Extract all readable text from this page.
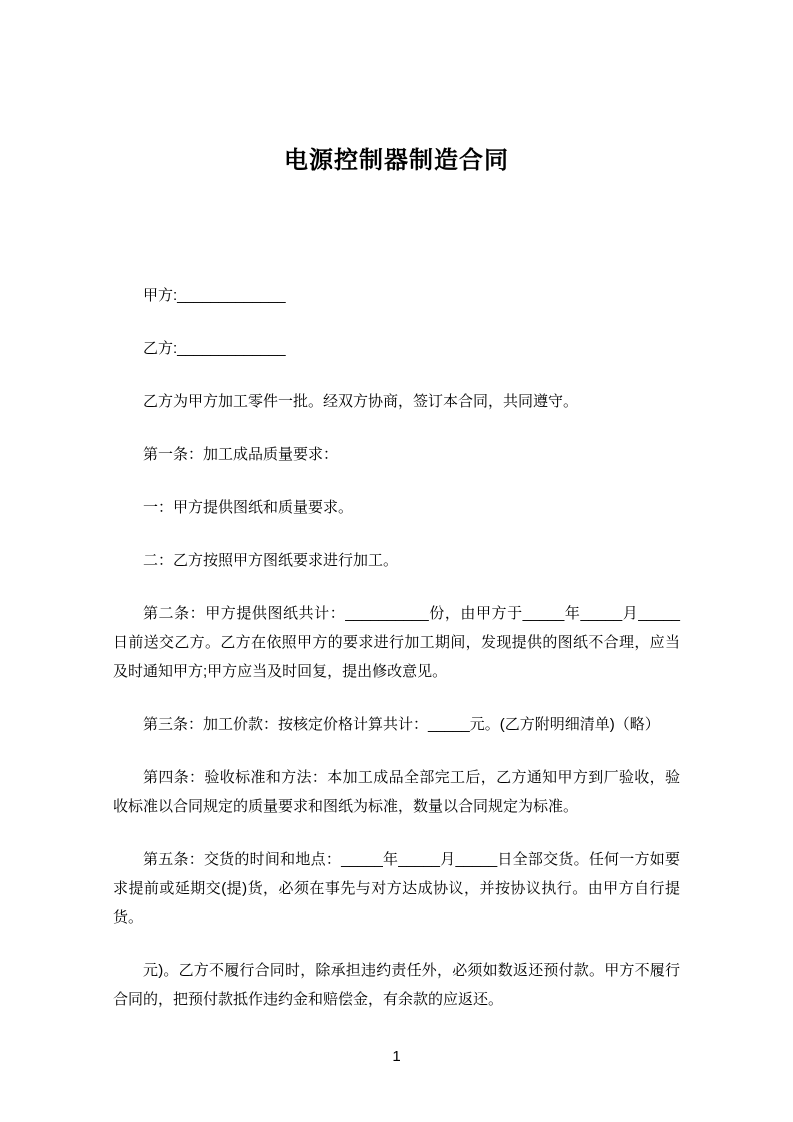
电源控制器制造合同

甲方:_____________

乙方:_____________

乙方为甲方加工零件一批。经双方协商，签订本合同，共同遵守。

第一条：加工成品质量要求：

一：甲方提供图纸和质量要求。

二：乙方按照甲方图纸要求进行加工。

第二条：甲方提供图纸共计：__________份，由甲方于_____年_____月_____日前送交乙方。乙方在依照甲方的要求进行加工期间，发现提供的图纸不合理，应当及时通知甲方;甲方应当及时回复，提出修改意见。

第三条：加工价款：按核定价格计算共计：_____元。(乙方附明细清单)（略）

第四条：验收标准和方法：本加工成品全部完工后，乙方通知甲方到厂验收，验收标准以合同规定的质量要求和图纸为标准，数量以合同规定为标准。

第五条：交货的时间和地点：_____年_____月_____日全部交货。任何一方如要求提前或延期交(提)货，必须在事先与对方达成协议，并按协议执行。由甲方自行提货。

元)。乙方不履行合同时，除承担违约责任外，必须如数返还预付款。甲方不履行合同的，把预付款抵作违约金和赔偿金，有余款的应返还。

1
